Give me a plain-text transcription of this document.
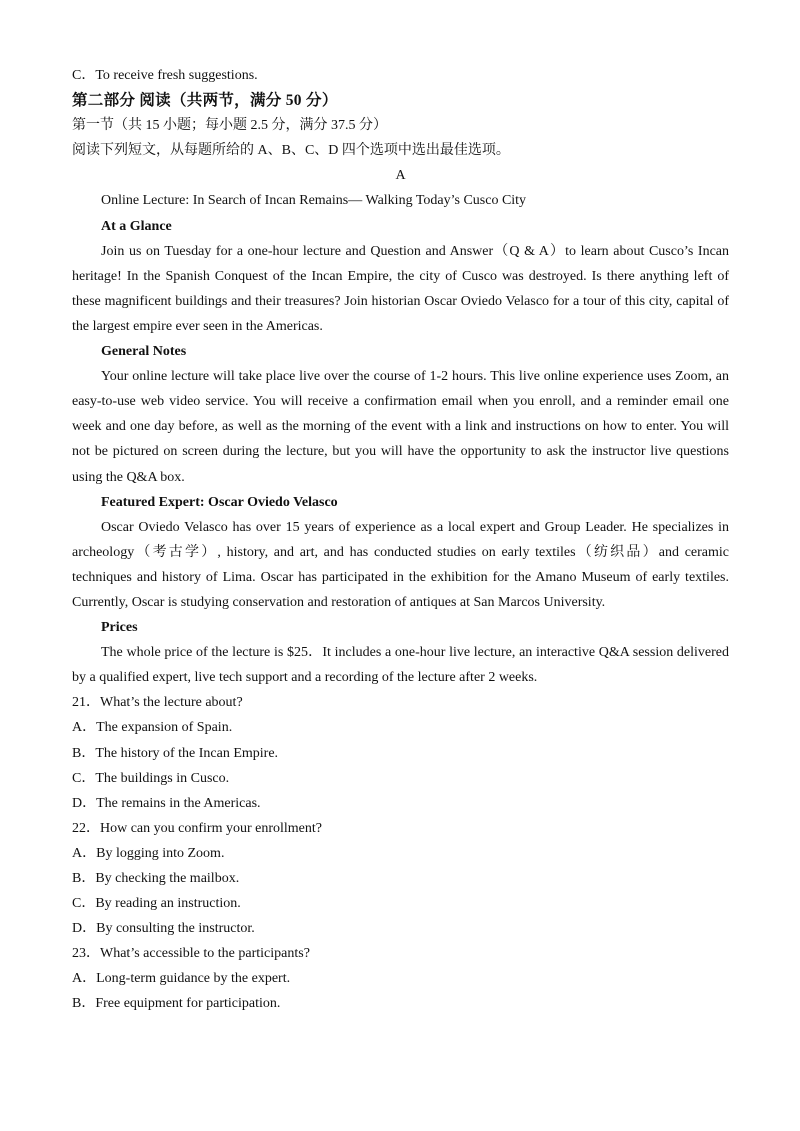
C．To receive fresh suggestions.
第二部分 阅读（共两节，满分 50 分）
第一节（共 15 小题；每小题 2.5 分，满分 37.5 分）
阅读下列短文，从每题所给的 A、B、C、D 四个选项中选出最佳选项。
A
Online Lecture: In Search of Incan Remains— Walking Today’s Cusco City
At a Glance

Join us on Tuesday for a one-hour lecture and Question and Answer（Q & A）to learn about Cusco’s Incan heritage! In the Spanish Conquest of the Incan Empire, the city of Cusco was destroyed. Is there anything left of these magnificent buildings and their treasures? Join historian Oscar Oviedo Velasco for a tour of this city, capital of the largest empire ever seen in the Americas.

General Notes

Your online lecture will take place live over the course of 1-2 hours. This live online experience uses Zoom, an easy-to-use web video service. You will receive a confirmation email when you enroll, and a reminder email one week and one day before, as well as the morning of the event with a link and instructions on how to enter. You will not be pictured on screen during the lecture, but you will have the opportunity to ask the instructor live questions using the Q&A box.

Featured Expert: Oscar Oviedo Velasco

Oscar Oviedo Velasco has over 15 years of experience as a local expert and Group Leader. He specializes in archeology（考古学）, history, and art, and has conducted studies on early textiles（纺织品）and ceramic techniques and history of Lima. Oscar has participated in the exhibition for the Amano Museum of early textiles. Currently, Oscar is studying conservation and restoration of antiques at San Marcos University.

Prices

The whole price of the lecture is $25．It includes a one-hour live lecture, an interactive Q&A session delivered by a qualified expert, live tech support and a recording of the lecture after 2 weeks.

21．What’s the lecture about?
A．The expansion of Spain.
B．The history of the Incan Empire.
C．The buildings in Cusco.
D．The remains in the Americas.
22．How can you confirm your enrollment?
A．By logging into Zoom.
B．By checking the mailbox.
C．By reading an instruction.
D．By consulting the instructor.
23．What’s accessible to the participants?
A．Long-term guidance by the expert.
B．Free equipment for participation.
